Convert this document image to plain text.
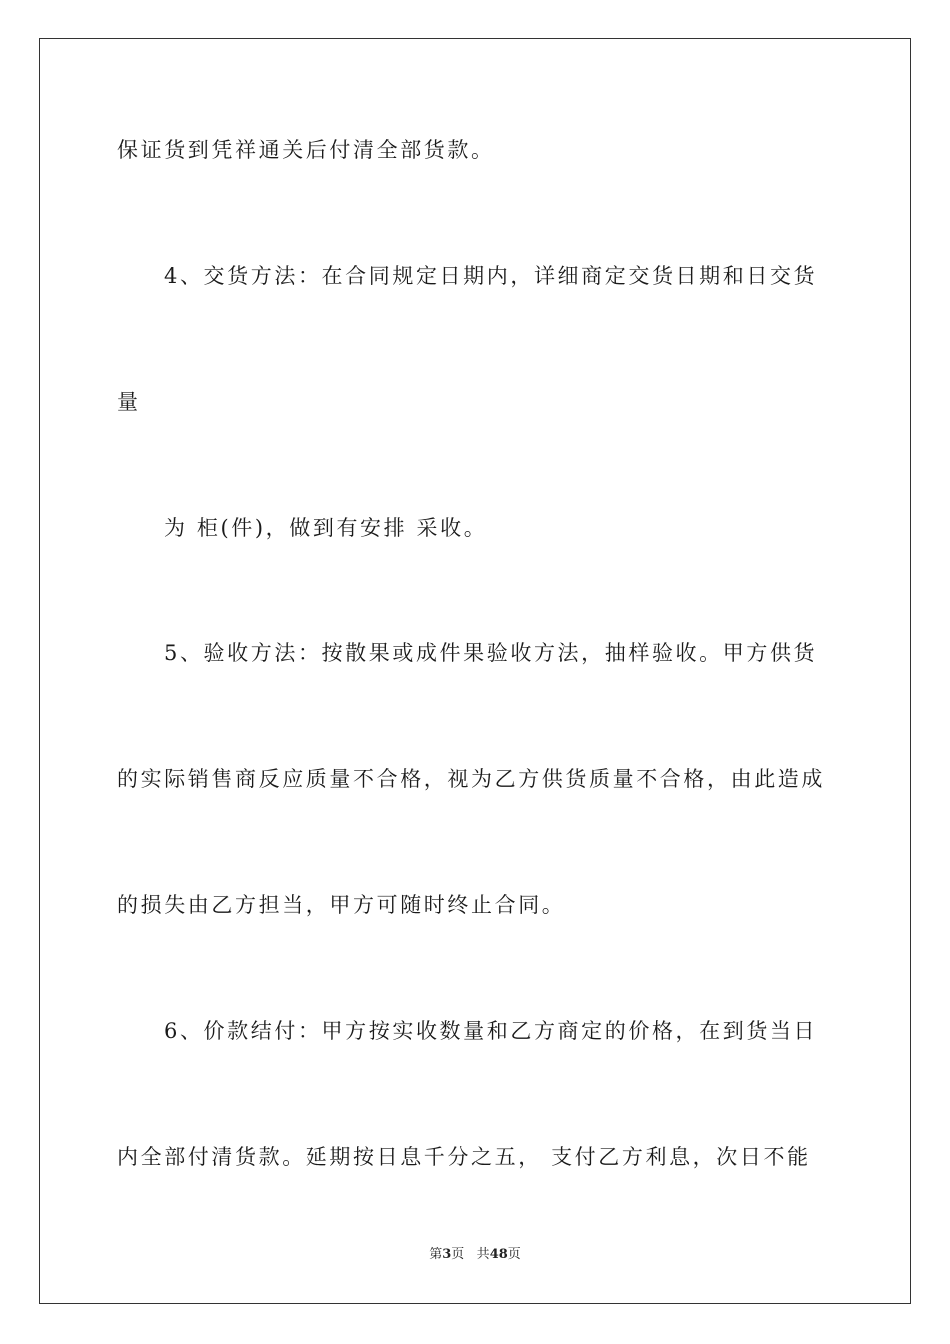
保证货到凭祥通关后付清全部货款。
4、交货方法：在合同规定日期内，详细商定交货日期和日交货
量
为 柜(件)，做到有安排 采收。
5、验收方法：按散果或成件果验收方法，抽样验收。甲方供货
的实际销售商反应质量不合格，视为乙方供货质量不合格，由此造成
的损失由乙方担当，甲方可随时终止合同。
6、价款结付：甲方按实收数量和乙方商定的价格，在到货当日
内全部付清货款。延期按日息千分之五， 支付乙方利息，次日不能
第3页 共48页
